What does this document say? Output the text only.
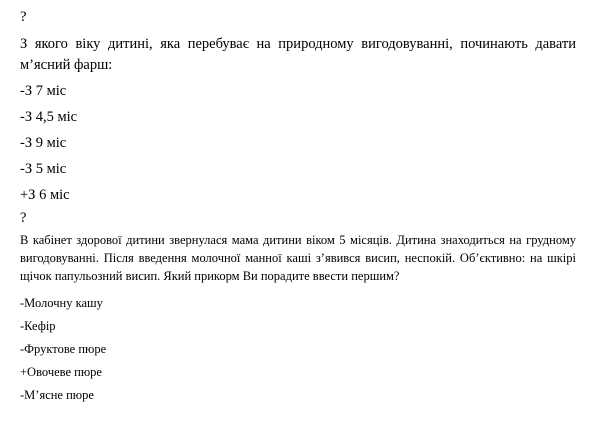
?

З якого віку дитині, яка перебуває на природному вигодовуванні, починають давати м’ясний фарш:

-З 7 міс

-З 4,5 міс

-З 9 міс

-З 5 міс

+З 6 міс

?

В кабінет здорової дитини звернулася мама дитини віком 5 місяців. Дитина знаходиться на грудному вигодовуванні. Після введення молочної манної каші з’явився висип, неспокій. Об’єктивно: на шкірі щічок папульозний висип. Який прикорм Ви порадите ввести першим?

-Молочну кашу

-Кефір

-Фруктове пюре

+Овочеве пюре

-М’ясне пюре
